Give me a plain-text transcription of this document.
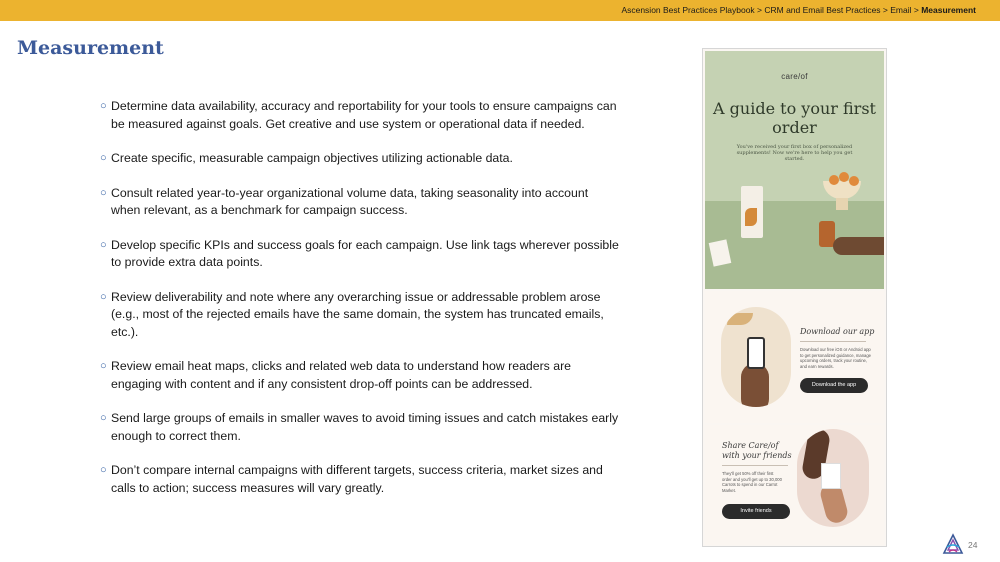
Ascension Best Practices Playbook > CRM and Email Best Practices > Email > Measurement
Measurement
○ Determine data availability, accuracy and reportability for your tools to ensure campaigns can be measured against goals. Get creative and use system or operational data if needed.
○ Create specific, measurable campaign objectives utilizing actionable data.
○ Consult related year-to-year organizational volume data, taking seasonality into account when relevant, as a benchmark for campaign success.
○ Develop specific KPIs and success goals for each campaign. Use link tags wherever possible to provide extra data points.
○ Review deliverability and note where any overarching issue or addressable problem arose (e.g., most of the rejected emails have the same domain, the system has truncated emails, etc.).
○ Review email heat maps, clicks and related web data to understand how readers are engaging with content and if any consistent drop-off points can be addressed.
○ Send large groups of emails in smaller waves to avoid timing issues and catch mistakes early enough to correct them.
○ Don’t compare internal campaigns with different targets, success criteria, market sizes and calls to action; success measures will vary greatly.
care/of
A guide to your first order
You've received your first box of personalized supplements! Now we're here to help you get started.
Download our app
Download our free iOS or Android app to get personalized guidance, manage upcoming orders, track your routine, and earn rewards.
Download the app
Share Care/of with your friends
They'll get 50% off their first order and you'll get up to 30,000 Carrots to spend in our Carrot Market.
Invite friends
24
